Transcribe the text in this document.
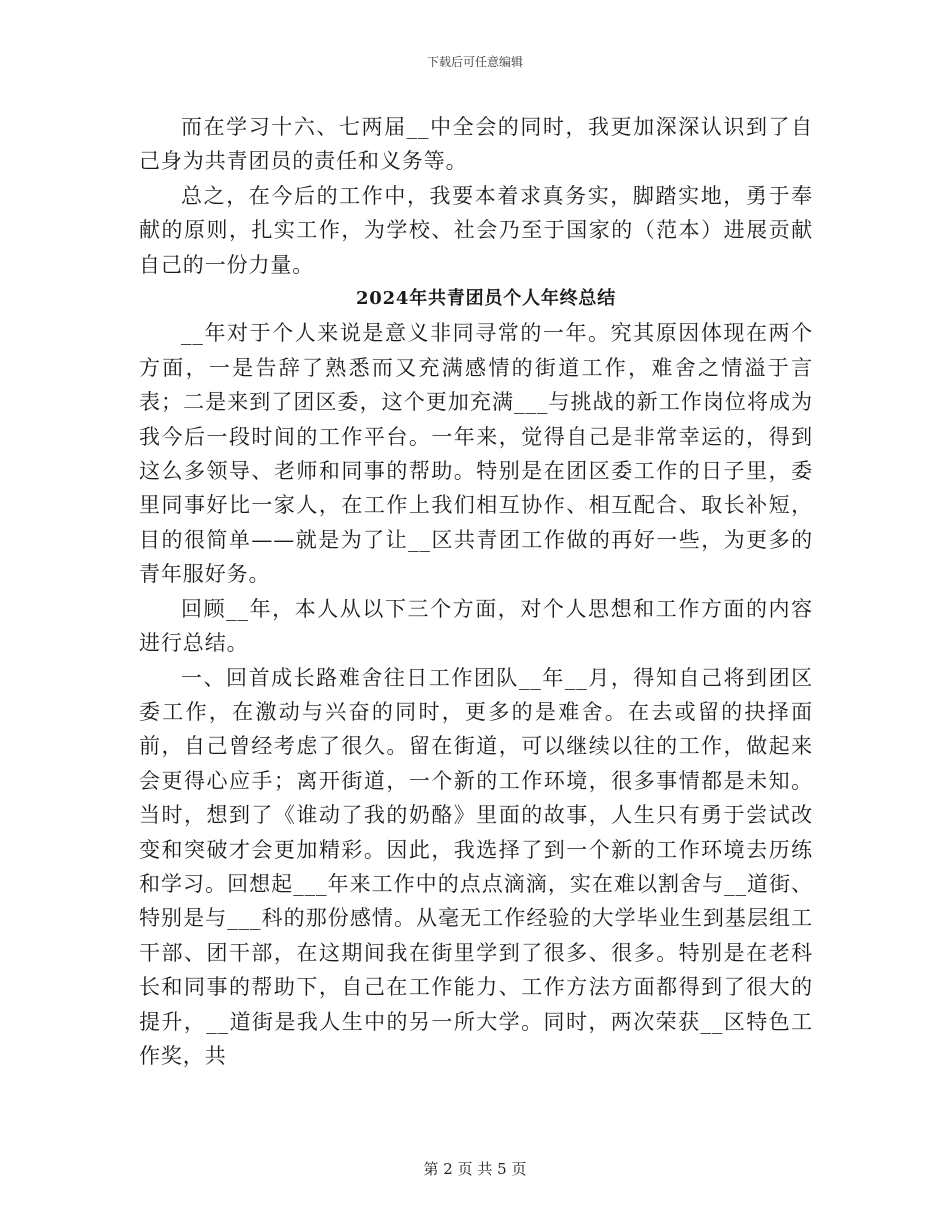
下载后可任意编辑

而在学习十六、七两届__中全会的同时，我更加深深认识到了自己身为共青团员的责任和义务等。

总之，在今后的工作中，我要本着求真务实，脚踏实地，勇于奉献的原则，扎实工作，为学校、社会乃至于国家的（范本）进展贡献自己的一份力量。

2024年共青团员个人年终总结

__年对于个人来说是意义非同寻常的一年。究其原因体现在两个方面，一是告辞了熟悉而又充满感情的街道工作，难舍之情溢于言表；二是来到了团区委，这个更加充满___与挑战的新工作岗位将成为我今后一段时间的工作平台。一年来，觉得自己是非常幸运的，得到这么多领导、老师和同事的帮助。特别是在团区委工作的日子里，委里同事好比一家人，在工作上我们相互协作、相互配合、取长补短，目的很简单——就是为了让__区共青团工作做的再好一些，为更多的青年服好务。

回顾__年，本人从以下三个方面，对个人思想和工作方面的内容进行总结。

一、回首成长路难舍往日工作团队__年__月，得知自己将到团区委工作，在激动与兴奋的同时，更多的是难舍。在去或留的抉择面前，自己曾经考虑了很久。留在街道，可以继续以往的工作，做起来会更得心应手；离开街道，一个新的工作环境，很多事情都是未知。当时，想到了《谁动了我的奶酪》里面的故事，人生只有勇于尝试改变和突破才会更加精彩。因此，我选择了到一个新的工作环境去历练和学习。回想起___年来工作中的点点滴滴，实在难以割舍与__道街、特别是与___科的那份感情。从毫无工作经验的大学毕业生到基层组工干部、团干部，在这期间我在街里学到了很多、很多。特别是在老科长和同事的帮助下，自己在工作能力、工作方法方面都得到了很大的提升，__道街是我人生中的另一所大学。同时，两次荣获__区特色工作奖，共

第 2 页 共 5 页
